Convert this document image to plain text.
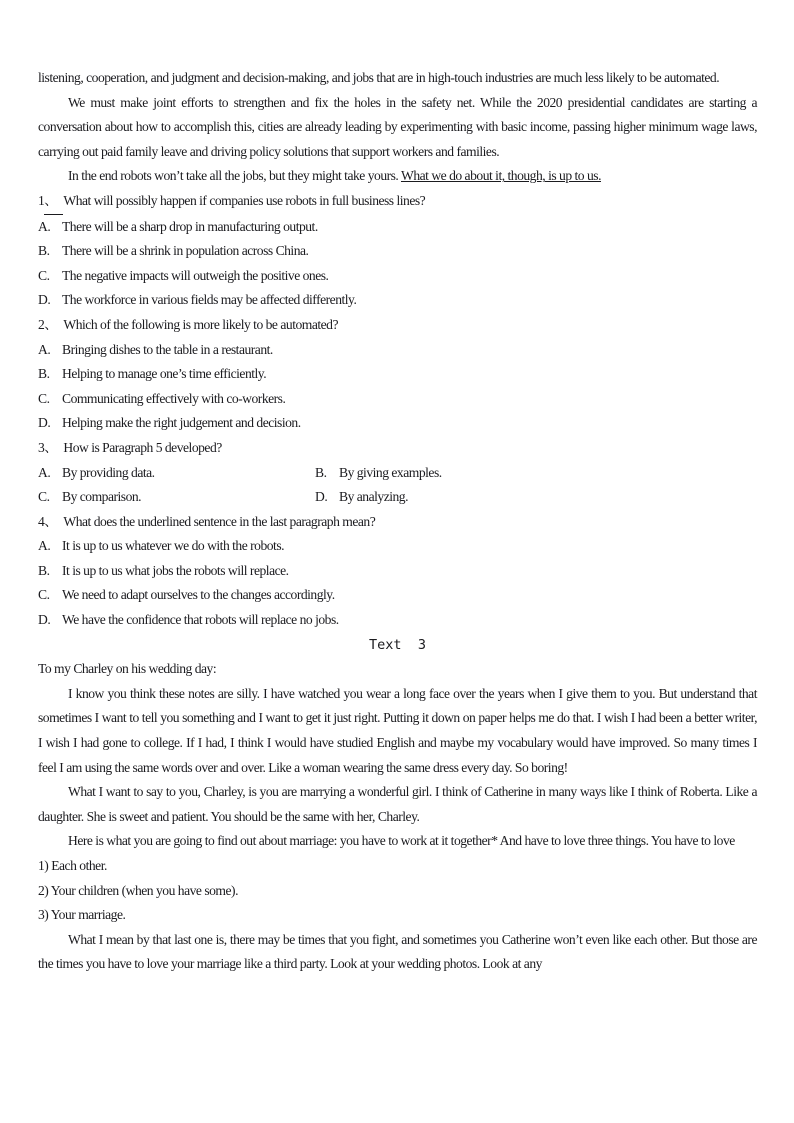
listening, cooperation, and judgment and decision-making, and jobs that are in high-touch industries are much less likely to be automated.

We must make joint efforts to strengthen and fix the holes in the safety net. While the 2020 presidential candidates are starting a conversation about how to accomplish this, cities are already leading by experimenting with basic income, passing higher minimum wage laws, carrying out paid family leave and driving policy solutions that support workers and families.

In the end robots won’t take all the jobs, but they might take yours. What we do about it, though, is up to us.

1、 What will possibly happen if companies use robots in full business lines?
A. There will be a sharp drop in manufacturing output.
B. There will be a shrink in population across China.
C. The negative impacts will outweigh the positive ones.
D. The workforce in various fields may be affected differently.
2、 Which of the following is more likely to be automated?
A. Bringing dishes to the table in a restaurant.
B. Helping to manage one’s time efficiently.
C. Communicating effectively with co-workers.
D. Helping make the right judgement and decision.
3、 How is Paragraph 5 developed?
A. By providing data.	B. By giving examples.
C. By comparison.	D. By analyzing.
4、 What does the underlined sentence in the last paragraph mean?
A. It is up to us whatever we do with the robots.
B. It is up to us what jobs the robots will replace.
C. We need to adapt ourselves to the changes accordingly.
D. We have the confidence that robots will replace no jobs.
Text  3

To my Charley on his wedding day:

I know you think these notes are silly. I have watched you wear a long face over the years when I give them to you. But understand that sometimes I want to tell you something and I want to get it just right. Putting it down on paper helps me do that. I wish I had been a better writer, I wish I had gone to college. If I had, I think I would have studied English and maybe my vocabulary would have improved. So many times I feel I am using the same words over and over. Like a woman wearing the same dress every day. So boring!

What I want to say to you, Charley, is you are marrying a wonderful girl. I think of Catherine in many ways like I think of Roberta. Like a daughter. She is sweet and patient. You should be the same with her, Charley.

Here is what you are going to find out about marriage: you have to work at it together* And have to love three things. You have to love

1) Each other.
2) Your children (when you have some).
3) Your marriage.

What I mean by that last one is, there may be times that you fight, and sometimes you Catherine won’t even like each other. But those are the times you have to love your marriage like a third party. Look at your wedding photos. Look at any
